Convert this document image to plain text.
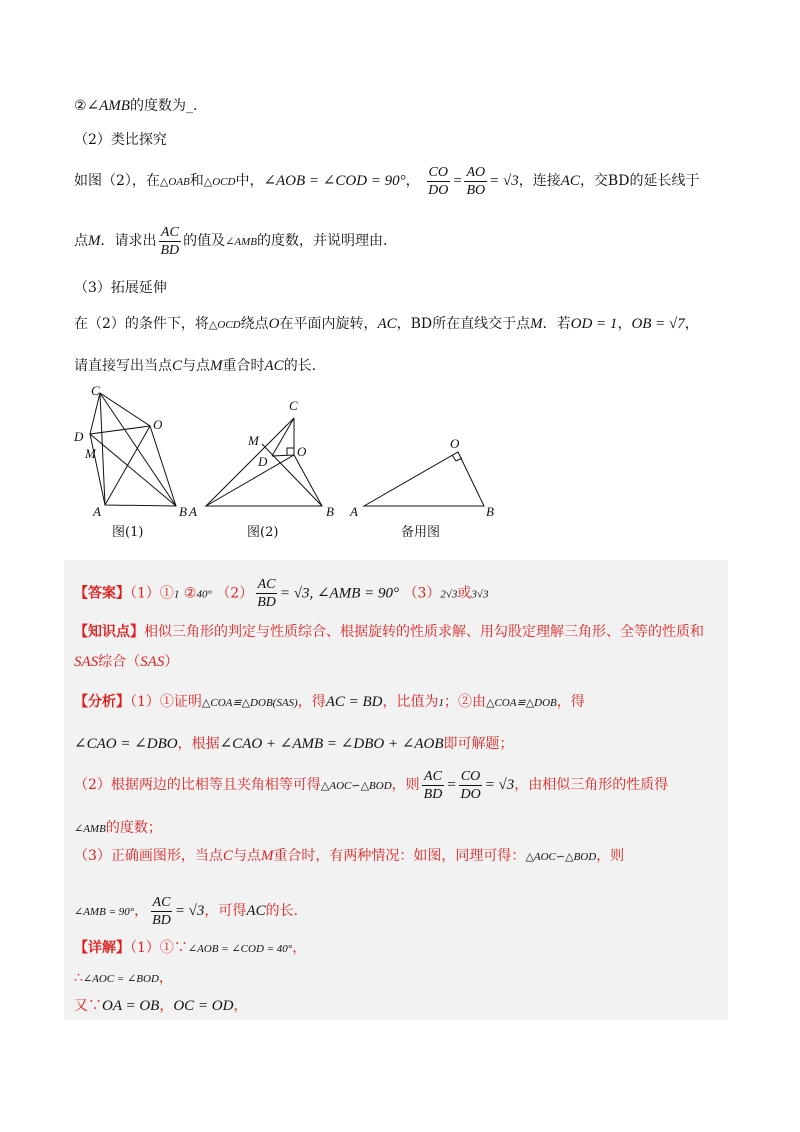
②∠AMB的度数为_.
（2）类比探究
如图（2），在△OAB和△OCD中，∠AOB = ∠COD = 90°， $\frac{CO}{DO} = \frac{AO}{BO} = √3$，连接AC，交BD的延长线于
点M．请求出 $\frac{AC}{BD}$ 的值及∠AMB的度数，并说明理由.
（3）拓展延伸
在（2）的条件下，将△OCD绕点O在平面内旋转，AC，BD所在直线交于点M．若OD = 1，OB = √7，
请直接写出当点C与点M重合时AC的长.
C
O
D
M
A	B
图(1)
C
M
D
O
A	B
图(2)
O
A	B
备用图
【答案】（1）①1 ②40° $(2) \frac{AC}{BD} = √3$, ∠AMB = 90° （3）2√3或3√3
【知识点】相似三角形的判定与性质综合、根据旋转的性质求解、用勾股定理解三角形、全等的性质和
SAS综合（SAS）
【分析】（1）①证明△COA≌△DOB(SAS)，得AC = BD，比值为1；②由△COA≌△DOB，得
∠CAO = ∠DBO，根据∠CAO + ∠AMB = ∠DBO + ∠AOB即可解题；
（2）根据两边的比相等且夹角相等可得△AOC∽△BOD，则 $\frac{AC}{BD} = \frac{CO}{DO} = √3$，由相似三角形的性质得
∠AMB的度数；
（3）正确画图形，当点C与点M重合时，有两种情况：如图，同理可得：△AOC∽△BOD，则
∠AMB = 90°， $\frac{AC}{BD} = √3$，可得AC的长.
【详解】（1）①∵∠AOB = ∠COD = 40°，
∴∠AOC = ∠BOD，
又∵OA = OB，OC = OD，
